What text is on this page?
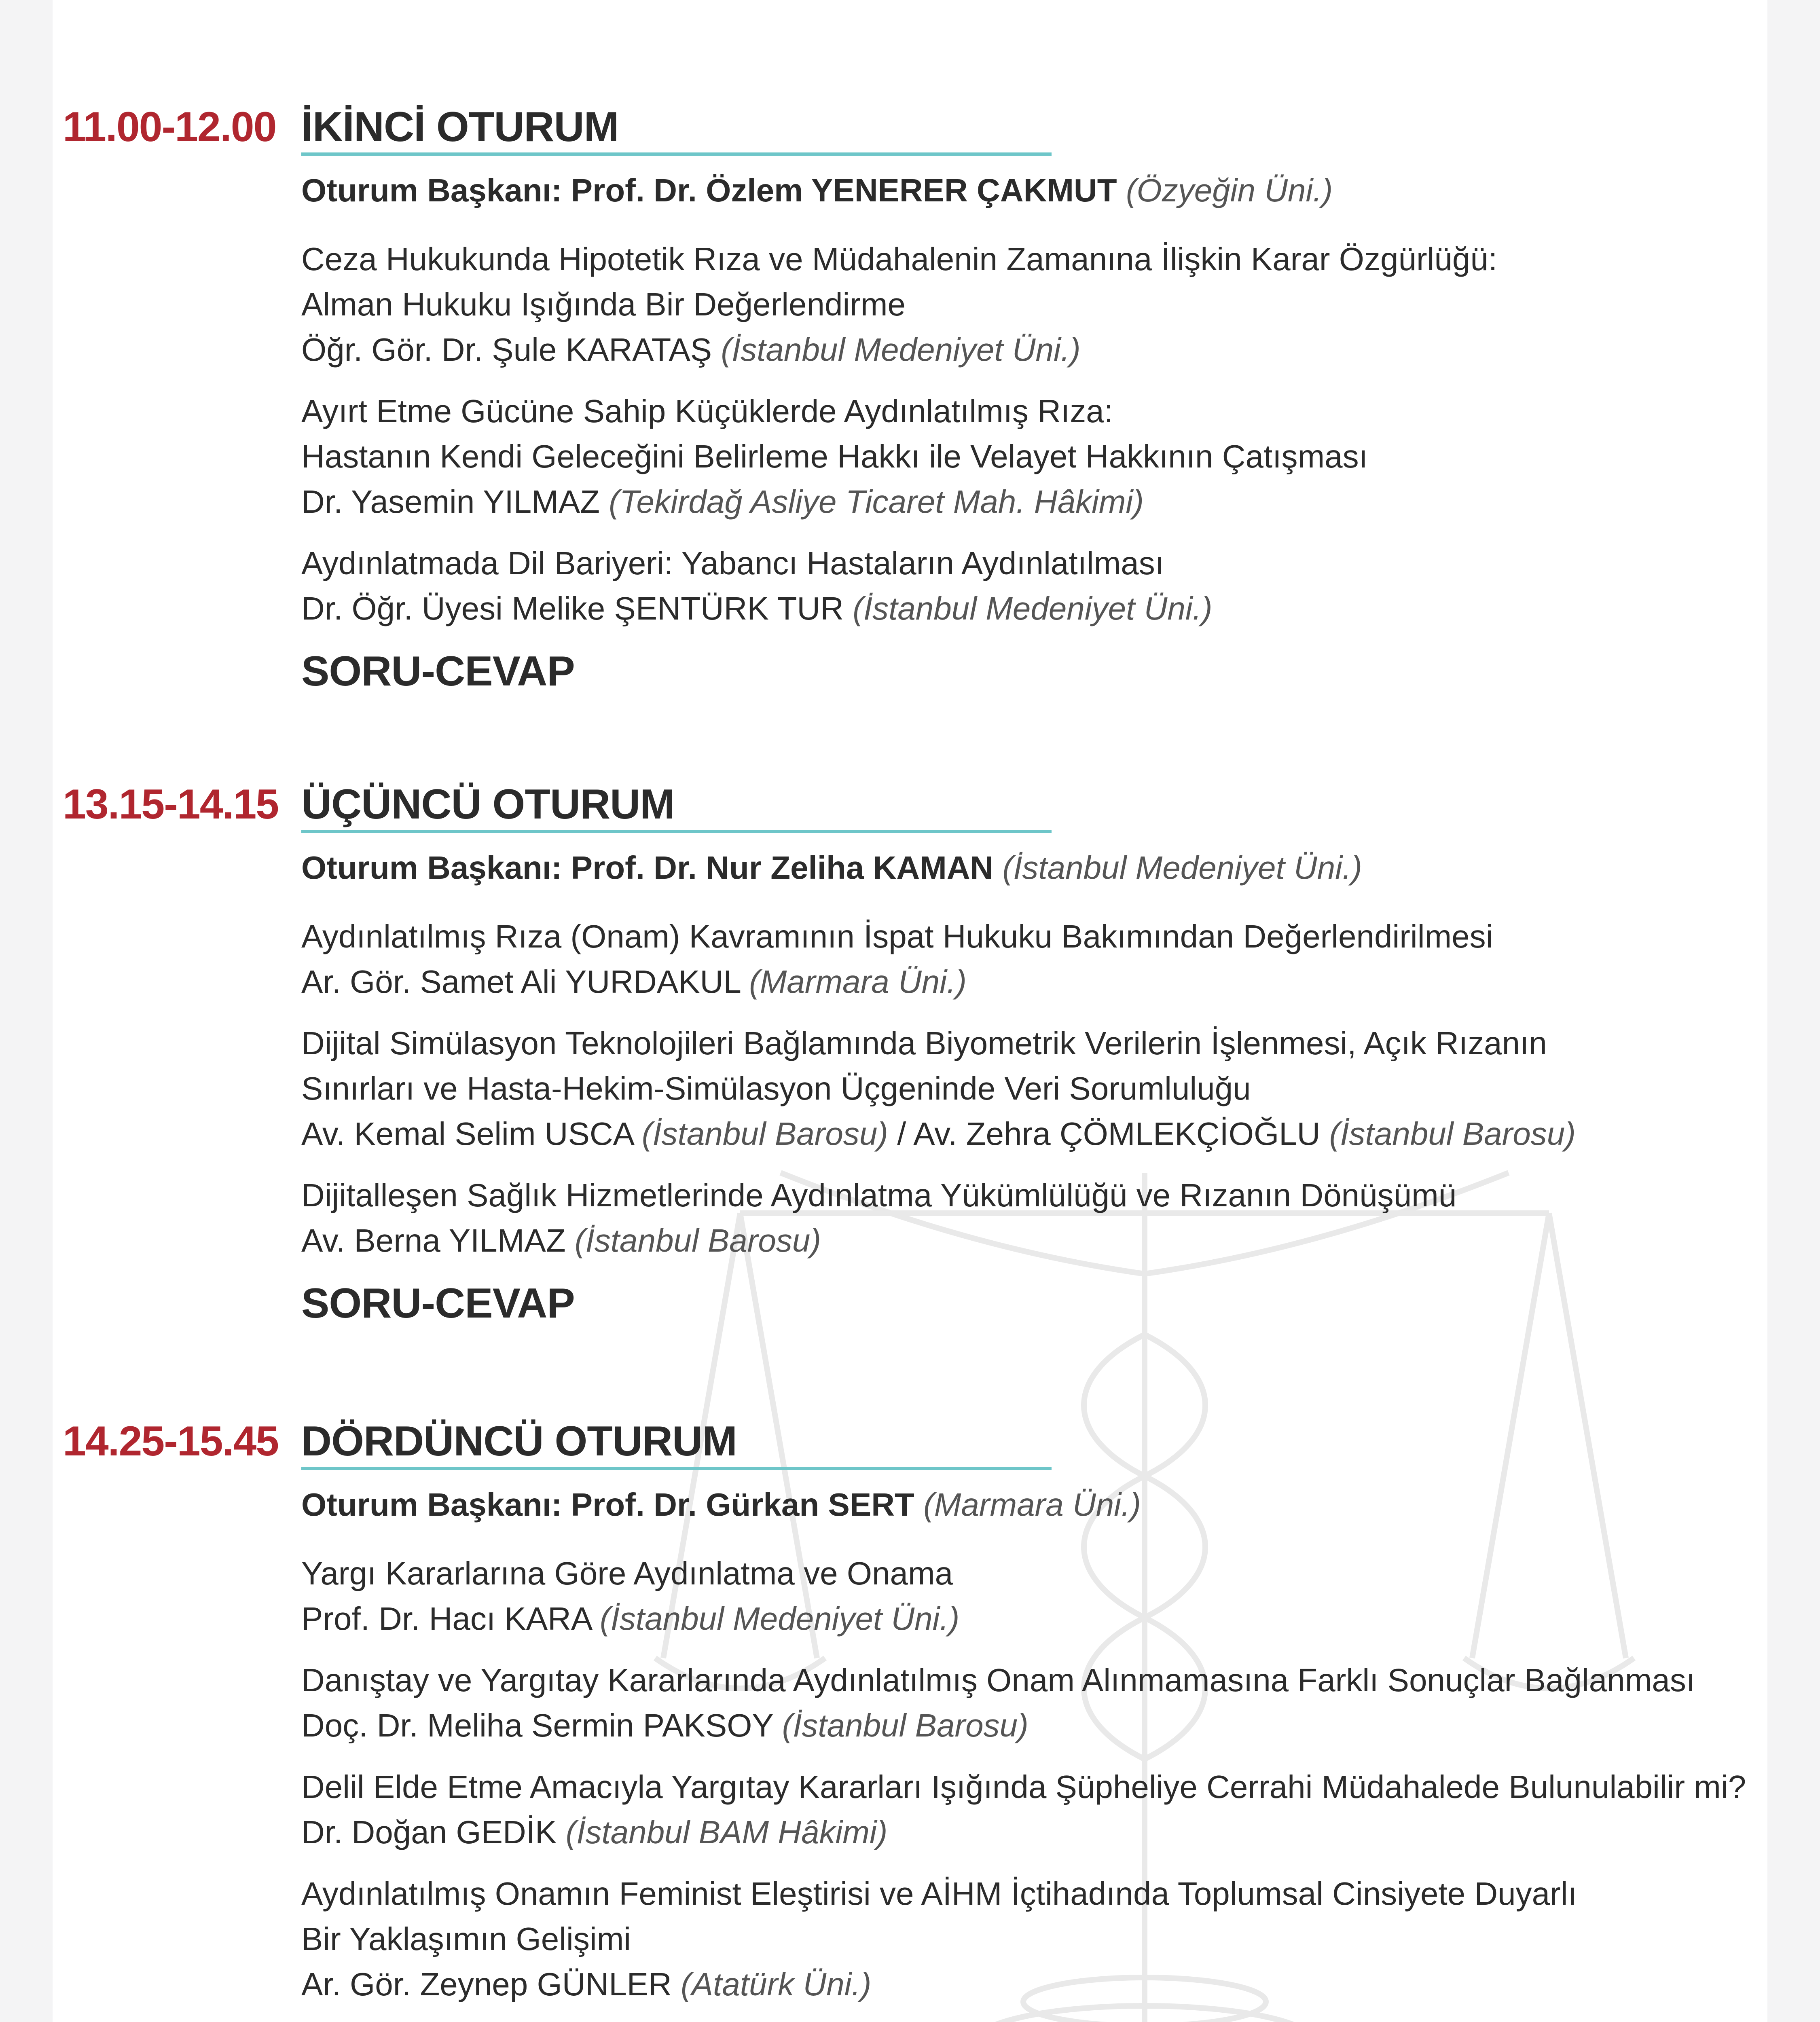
11.00-12.00 İKİNCİ OTURUM
Oturum Başkanı: Prof. Dr. Özlem YENERER ÇAKMUT (Özyeğin Üni.)
Ceza Hukukunda Hipotetik Rıza ve Müdahalenin Zamanına İlişkin Karar Özgürlüğü:
Alman Hukuku Işığında Bir Değerlendirme
Öğr. Gör. Dr. Şule KARATAŞ (İstanbul Medeniyet Üni.)
Ayırt Etme Gücüne Sahip Küçüklerde Aydınlatılmış Rıza:
Hastanın Kendi Geleceğini Belirleme Hakkı ile Velayet Hakkının Çatışması
Dr. Yasemin YILMAZ (Tekirdağ Asliye Ticaret Mah. Hâkimi)
Aydınlatmada Dil Bariyeri: Yabancı Hastaların Aydınlatılması
Dr. Öğr. Üyesi Melike ŞENTÜRK TUR (İstanbul Medeniyet Üni.)
SORU-CEVAP
13.15-14.15 ÜÇÜNCÜ OTURUM
Oturum Başkanı: Prof. Dr. Nur Zeliha KAMAN (İstanbul Medeniyet Üni.)
Aydınlatılmış Rıza (Onam) Kavramının İspat Hukuku Bakımından Değerlendirilmesi
Ar. Gör. Samet Ali YURDAKUL (Marmara Üni.)
Dijital Simülasyon Teknolojileri Bağlamında Biyometrik Verilerin İşlenmesi, Açık Rızanın
Sınırları ve Hasta-Hekim-Simülasyon Üçgeninde Veri Sorumluluğu
Av. Kemal Selim USCA (İstanbul Barosu) / Av. Zehra ÇÖMLEKÇİOĞLU (İstanbul Barosu)
Dijitalleşen Sağlık Hizmetlerinde Aydınlatma Yükümlülüğü ve Rızanın Dönüşümü
Av. Berna YILMAZ (İstanbul Barosu)
SORU-CEVAP
14.25-15.45 DÖRDÜNCÜ OTURUM
Oturum Başkanı: Prof. Dr. Gürkan SERT (Marmara Üni.)
Yargı Kararlarına Göre Aydınlatma ve Onama
Prof. Dr. Hacı KARA (İstanbul Medeniyet Üni.)
Danıştay ve Yargıtay Kararlarında Aydınlatılmış Onam Alınmamasına Farklı Sonuçlar Bağlanması
Doç. Dr. Meliha Sermin PAKSOY (İstanbul Barosu)
Delil Elde Etme Amacıyla Yargıtay Kararları Işığında Şüpheliye Cerrahi Müdahalede Bulunulabilir mi?
Dr. Doğan GEDİK (İstanbul BAM Hâkimi)
Aydınlatılmış Onamın Feminist Eleştirisi ve AİHM İçtihadında Toplumsal Cinsiyete Duyarlı
Bir Yaklaşımın Gelişimi
Ar. Gör. Zeynep GÜNLER (Atatürk Üni.)
